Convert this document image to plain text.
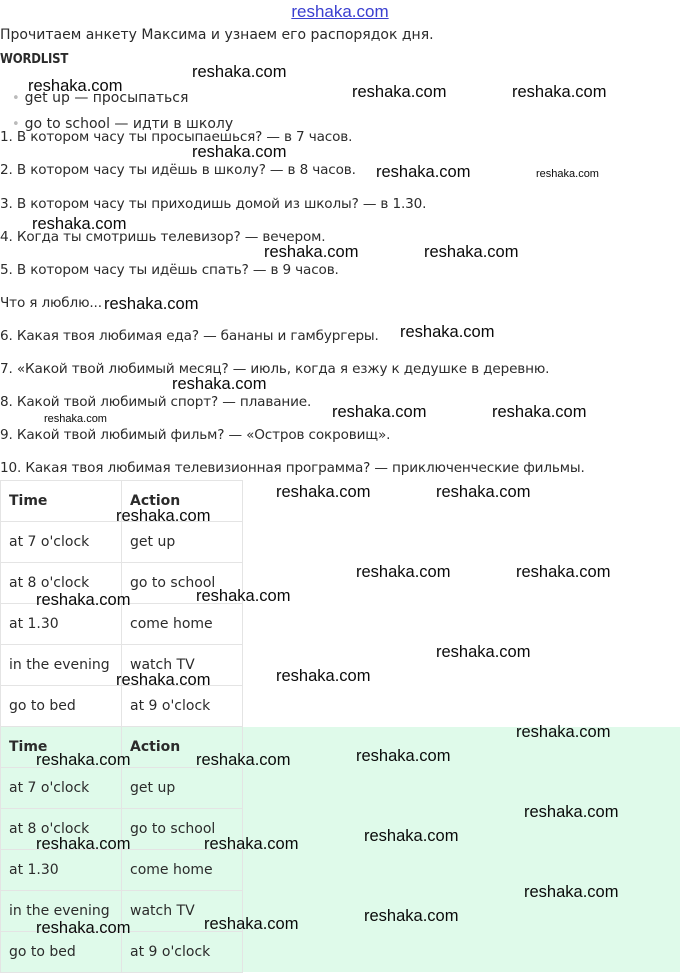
reshaka.com
Прочитаем анкету Максима и узнаем его распорядок дня.
WORDLIST
• get up — просыпаться
• go to school — идти в школу
1. В котором часу ты просыпаешься? — в 7 часов.
2. В котором часу ты идёшь в школу? — в 8 часов.
3. В котором часу ты приходишь домой из школы? — в 1.30.
4. Когда ты смотришь телевизор? — вечером.
5. В котором часу ты идёшь спать? — в 9 часов.
Что я люблю...
6. Какая твоя любимая еда? — бананы и гамбургеры.
7. «Какой твой любимый месяц? — июль, когда я езжу к дедушке в деревню.
8. Какой твой любимый спорт? — плавание.
9. Какой твой любимый фильм? — «Остров сокровищ».
10. Какая твоя любимая телевизионная программа? — приключенческие фильмы.
Time	Action
at 7 o'clock	get up
at 8 o'clock	go to school
at 1.30	come home
in the evening	watch TV
go to bed	at 9 o'clock
Time	Action
at 7 o'clock	get up
at 8 o'clock	go to school
at 1.30	come home
in the evening	watch TV
go to bed	at 9 o'clock
reshaka.com
reshaka.com	reshaka.com	reshaka.com
reshaka.com
reshaka.com	reshaka.com
reshaka.com
reshaka.com	reshaka.com
reshaka.com
reshaka.com
reshaka.com
reshaka.com	reshaka.com
reshaka.com
reshaka.com	reshaka.com
reshaka.com
reshaka.com	reshaka.com
reshaka.com	reshaka.com
reshaka.com
reshaka.com	reshaka.com
reshaka.com
reshaka.com	reshaka.com	reshaka.com
reshaka.com
reshaka.com	reshaka.com	reshaka.com
reshaka.com
reshaka.com	reshaka.com	reshaka.com
